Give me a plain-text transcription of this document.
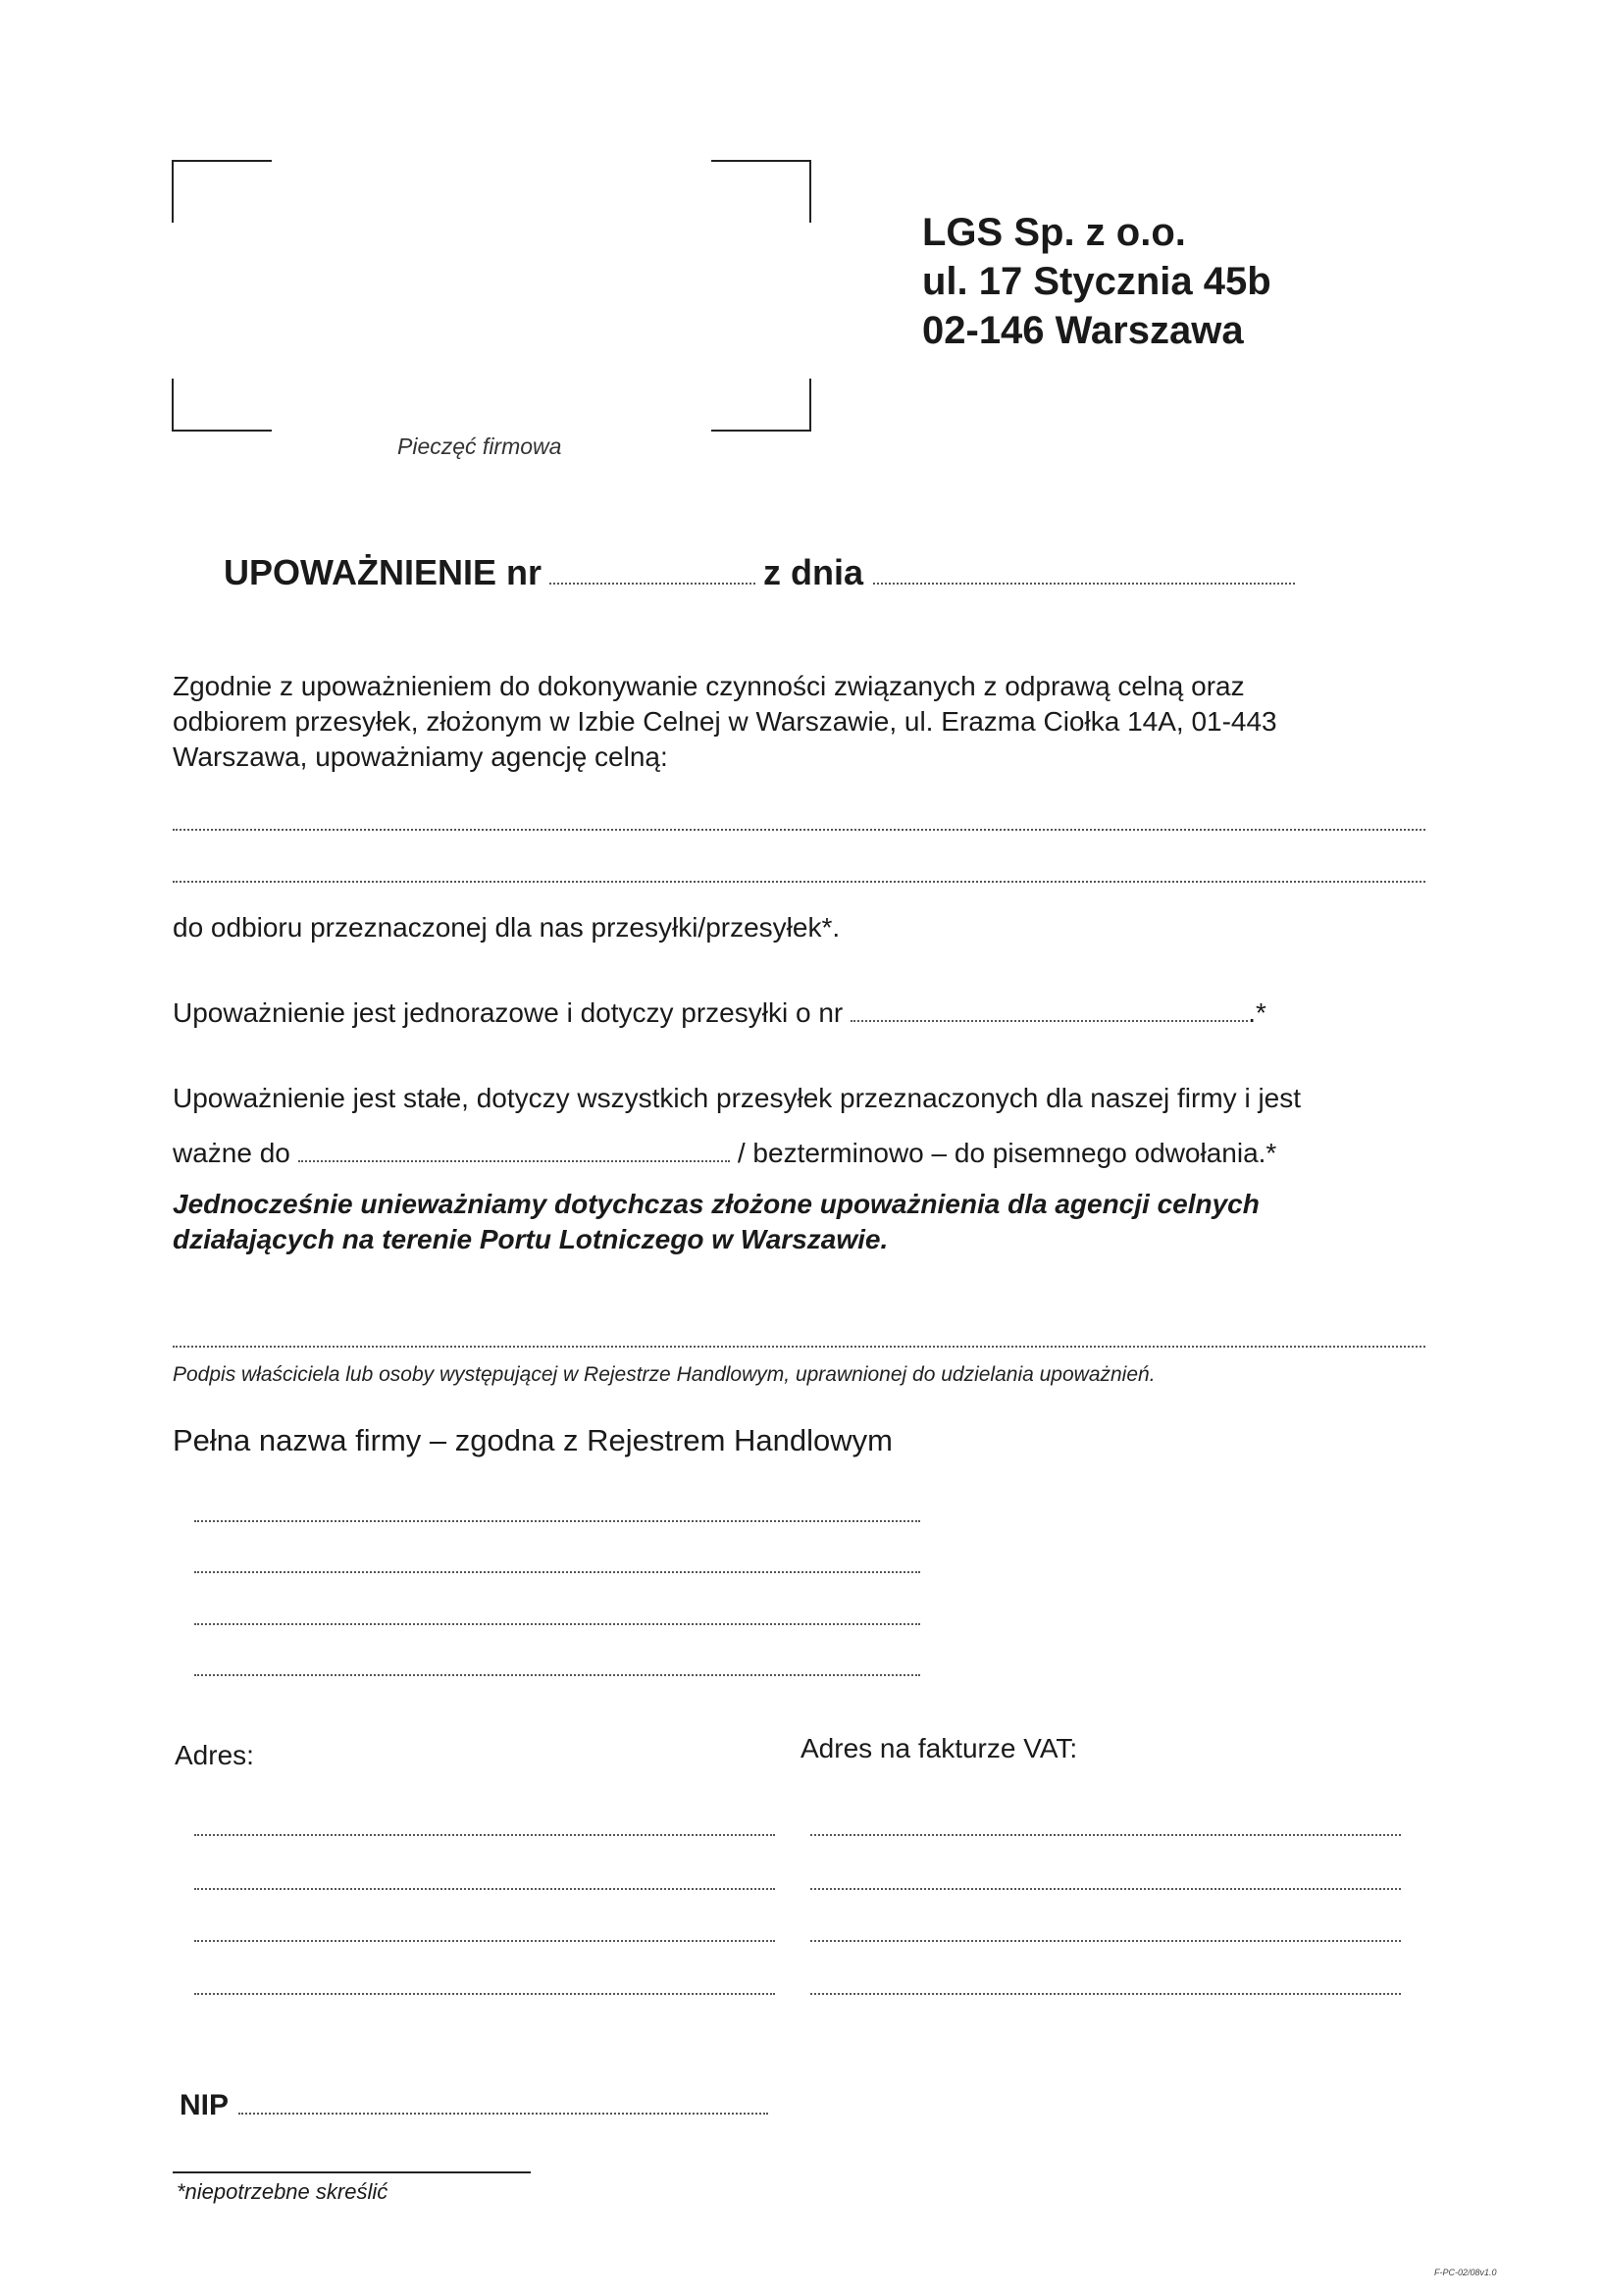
Pieczęć firmowa
LGS Sp. z o.o.
ul. 17 Stycznia 45b
02-146 Warszawa
UPOWAŻNIENIE nr	z dnia
Zgodnie z upoważnieniem do dokonywanie czynności związanych z odprawą celną oraz
odbiorem przesyłek, złożonym w Izbie Celnej w Warszawie, ul. Erazma Ciołka 14A, 01-443
Warszawa, upoważniamy agencję celną:
do odbioru przeznaczonej dla nas przesyłki/przesyłek*.
Upoważnienie jest jednorazowe i dotyczy przesyłki o nr	.*
Upoważnienie jest stałe, dotyczy wszystkich przesyłek przeznaczonych dla naszej firmy i jest
ważne do	/ bezterminowo – do pisemnego odwołania.*
Jednocześnie unieważniamy dotychczas złożone upoważnienia dla agencji celnych
działających na terenie Portu Lotniczego w Warszawie.
Podpis właściciela lub osoby występującej w Rejestrze Handlowym, uprawnionej do udzielania upoważnień.
Pełna nazwa firmy – zgodna z Rejestrem Handlowym
Adres:	Adres na fakturze VAT:
NIP
*niepotrzebne skreślić
F-PC-02/08v1.0
